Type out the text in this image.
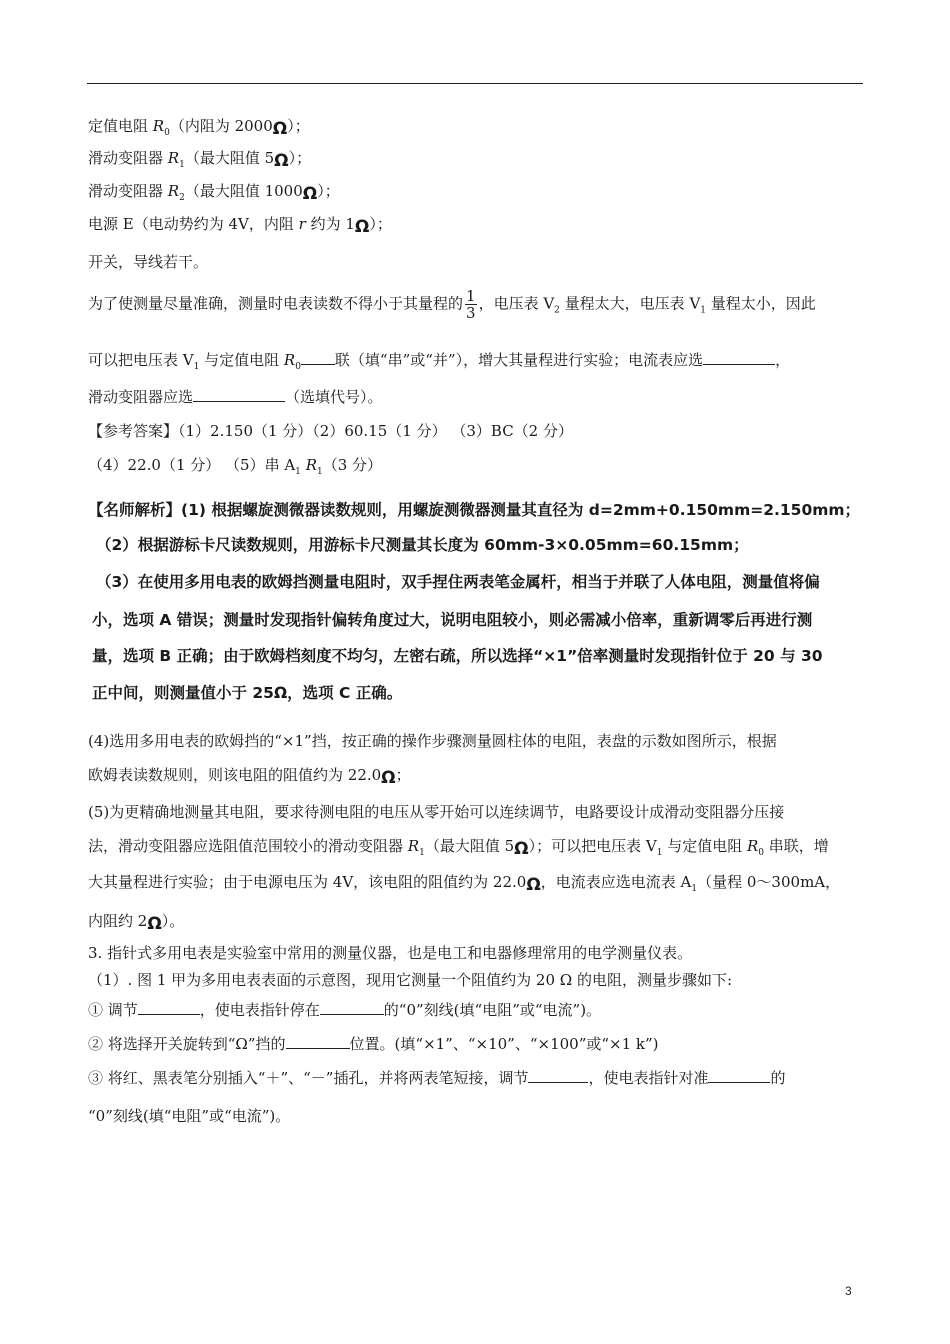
定值电阻 $R_0$（内阻为 2000Ω）；
滑动变阻器 $R_1$（最大阻值 5Ω）；
滑动变阻器 $R_2$（最大阻值 1000Ω）；
电源 E（电动势约为 4V，内阻 r 约为 1Ω）；
开关，导线若干。
为了使测量尽量准确，测量时电表读数不得小于其量程的 $\frac{1}{3}$ ，电压表 $V_2$ 量程太大，电压表 $V_1$ 量程太小，因此
可以把电压表 $V_1$ 与定值电阻 $R_0$ 联（填“串”或“并”），增大其量程进行实验；电流表应选	，
滑动变阻器应选	（选填代号）。
【参考答案】（1）2.150（1 分）（2）60.15（1 分） （3）BC（2 分）
（4）22.0（1 分） （5）串 $A_1$ $R_1(3$ 分）
【名师解析】(1) 根据螺旋测微器读数规则，用螺旋测微器测量其直径为 d=2mm+0.150mm=2.150mm；
（2）根据游标卡尺读数规则，用游标卡尺测量其长度为 60mm-3×0.05mm=60.15mm；
（3）在使用多用电表的欧姆挡测量电阻时，双手捏住两表笔金属杆，相当于并联了人体电阻，测量值将偏
小，选项 A 错误；测量时发现指针偏转角度过大，说明电阻较小，则必需减小倍率，重新调零后再进行测
量，选项 B 正确；由于欧姆档刻度不均匀，左密右疏，所以选择“×1”倍率测量时发现指针位于 20 与 30
正中间，则测量值小于 25Ω，选项 C 正确。
(4)选用多用电表的欧姆挡的“×1”挡，按正确的操作步骤测量圆柱体的电阻，表盘的示数如图所示，根据
欧姆表读数规则，则该电阻的阻值约为 22.0Ω；
(5)为更精确地测量其电阻，要求待测电阻的电压从零开始可以连续调节，电路要设计成滑动变阻器分压接
法，滑动变阻器应选阻值范围较小的滑动变阻器 $R_1$（最大阻值 5Ω）；可以把电压表 $V_1$ 与定值电阻 $R_0$ 串联，增
大其量程进行实验；由于电源电压为 4V，该电阻的阻值约为 22.0Ω，电流表应选电流表 $A_1$（量程 0～300mA，
内阻约 2Ω）。
3. 指针式多用电表是实验室中常用的测量仪器，也是电工和电器修理常用的电学测量仪表。
（1）. 图 1 甲为多用电表表面的示意图，现用它测量一个阻值约为 20 Ω 的电阻，测量步骤如下:
① 调节	，使电表指针停在	的“0”刻线(填“电阻”或“电流”)。
② 将选择开关旋转到“Ω”挡的	位置。(填“×1”、“×10”、“×100”或“×1 k”)
③ 将红、黑表笔分别插入“＋”、“－”插孔，并将两表笔短接，调节	，使电表指针对准	的
“0”刻线(填“电阻”或“电流”)。
3
